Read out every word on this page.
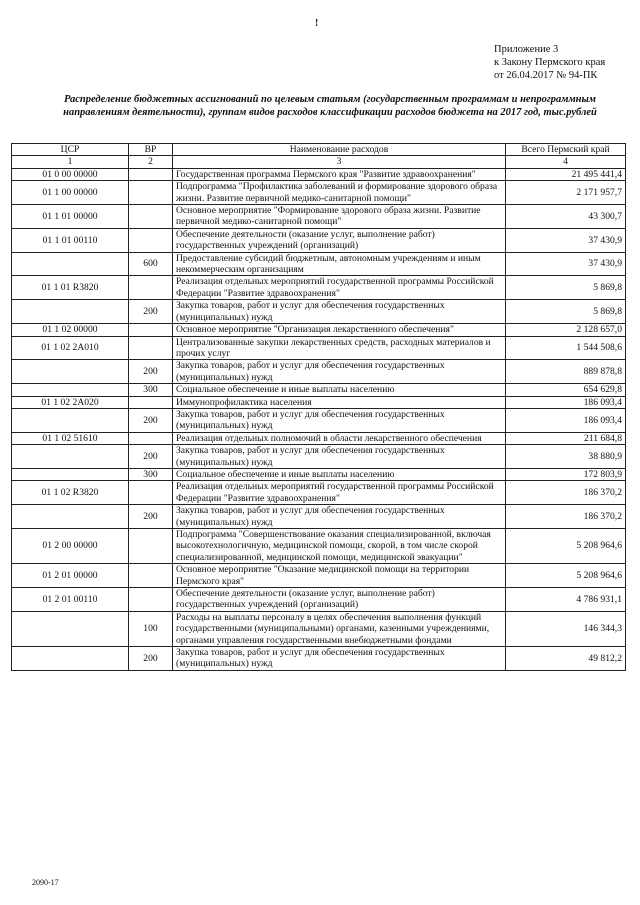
!
Приложение 3
к Закону Пермского края
от 26.04.2017 № 94-ПК
Распределение бюджетных ассигнований по целевым статьям (государственным программам и непрограммным направлениям деятельности), группам видов расходов классификации расходов бюджета на 2017 год, тыс.рублей
ЦСР	ВР	Наименование расходов	Всего Пермский край
1	2	3	4
01 0 00 00000		Государственная программа Пермского края "Развитие здравоохранения"	21 495 441,4
01 1 00 00000		Подпрограмма "Профилактика заболеваний и формирование здорового образа жизни. Развитие первичной медико-санитарной помощи"	2 171 957,7
01 1 01 00000		Основное мероприятие "Формирование здорового образа жизни. Развитие первичной медико-санитарной помощи"	43 300,7
01 1 01 00110		Обеспечение деятельности (оказание услуг, выполнение работ) государственных учреждений (организаций)	37 430,9
	600	Предоставление субсидий бюджетным, автономным учреждениям и иным некоммерческим организациям	37 430,9
01 1 01 R3820		Реализация отдельных мероприятий государственной программы Российской Федерации "Развитие здравоохранения"	5 869,8
	200	Закупка товаров, работ и услуг для обеспечения государственных (муниципальных) нужд	5 869,8
01 1 02 00000		Основное мероприятие "Организация лекарственного обеспечения"	2 128 657,0
01 1 02 2А010		Централизованные закупки лекарственных средств, расходных материалов и прочих услуг	1 544 508,6
	200	Закупка товаров, работ и услуг для обеспечения государственных (муниципальных) нужд	889 878,8
	300	Социальное обеспечение и иные выплаты населению	654 629,8
01 1 02 2А020		Иммунопрофилактика населения	186 093,4
	200	Закупка товаров, работ и услуг для обеспечения государственных (муниципальных) нужд	186 093,4
01 1 02 51610		Реализация отдельных полномочий в области лекарственного обеспечения	211 684,8
	200	Закупка товаров, работ и услуг для обеспечения государственных (муниципальных) нужд	38 880,9
	300	Социальное обеспечение и иные выплаты населению	172 803,9
01 1 02 R3820		Реализация отдельных мероприятий государственной программы Российской Федерации "Развитие здравоохранения"	186 370,2
	200	Закупка товаров, работ и услуг для обеспечения государственных (муниципальных) нужд	186 370,2
01 2 00 00000		Подпрограмма "Совершенствование оказания специализированной, включая высокотехнологичную, медицинской помощи, скорой, в том числе скорой специализированной, медицинской помощи, медицинской эвакуации"	5 208 964,6
01 2 01 00000		Основное мероприятие "Оказание медицинской помощи на территории Пермского края"	5 208 964,6
01 2 01 00110		Обеспечение деятельности (оказание услуг, выполнение работ) государственных учреждений (организаций)	4 786 931,1
	100	Расходы на выплаты персоналу в целях обеспечения выполнения функций государственными (муниципальными) органами, казенными учреждениями, органами управления государственными внебюджетными фондами	146 344,3
	200	Закупка товаров, работ и услуг для обеспечения государственных (муниципальных) нужд	49 812,2
2090-17
